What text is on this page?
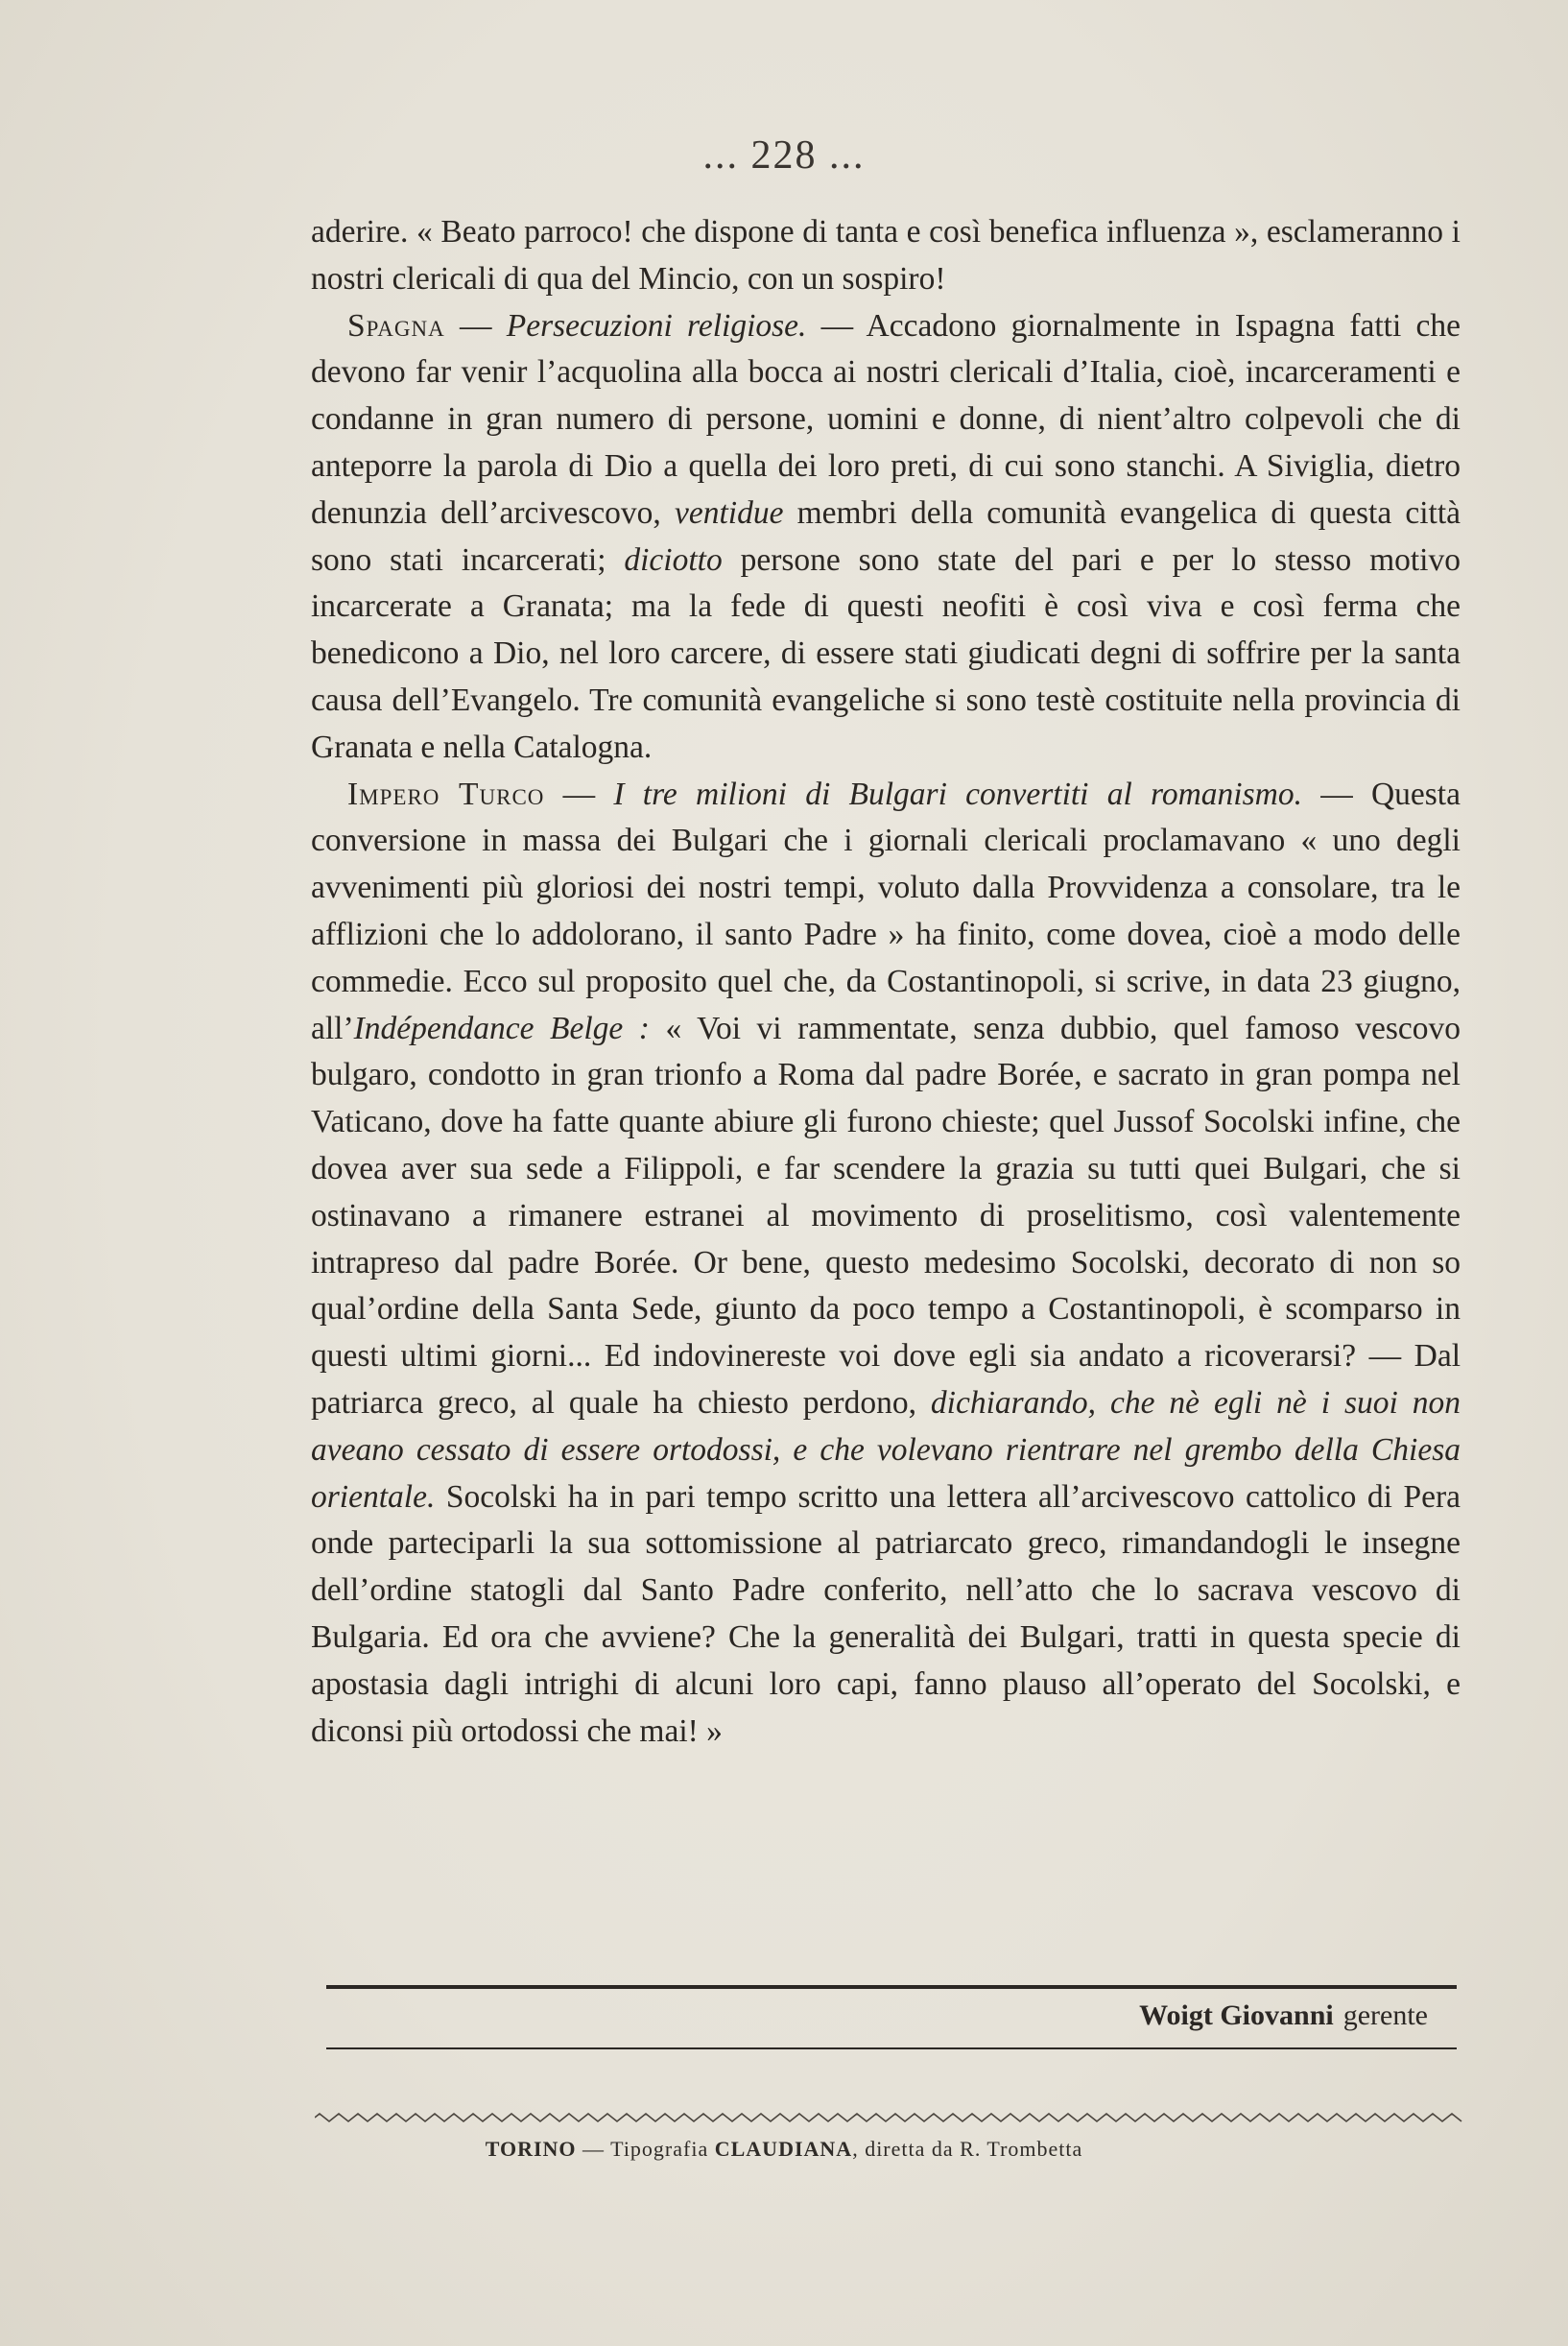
... 228 ...

aderire. « Beato parroco! che dispone di tanta e così benefica influenza », esclameranno i nostri clericali di qua del Mincio, con un sospiro!

Spagna — Persecuzioni religiose. — Accadono giornalmente in Ispagna fatti che devono far venir l’acquolina alla bocca ai nostri clericali d’Italia, cioè, incarceramenti e condanne in gran numero di persone, uomini e donne, di nient’altro colpevoli che di anteporre la parola di Dio a quella dei loro preti, di cui sono stanchi. A Siviglia, dietro denunzia dell’arcivescovo, ventidue membri della comunità evangelica di questa città sono stati incarcerati; diciotto persone sono state del pari e per lo stesso motivo incarcerate a Granata; ma la fede di questi neofiti è così viva e così ferma che benedicono a Dio, nel loro carcere, di essere stati giudicati degni di soffrire per la santa causa dell’Evangelo. Tre comunità evangeliche si sono testè costituite nella provincia di Granata e nella Catalogna.

Impero Turco — I tre milioni di Bulgari convertiti al romanismo. — Questa conversione in massa dei Bulgari che i giornali clericali proclamavano « uno degli avvenimenti più gloriosi dei nostri tempi, voluto dalla Provvidenza a consolare, tra le afflizioni che lo addolorano, il santo Padre » ha finito, come dovea, cioè a modo delle commedie. Ecco sul proposito quel che, da Costantinopoli, si scrive, in data 23 giugno, all’Indépendance Belge : « Voi vi rammentate, senza dubbio, quel famoso vescovo bulgaro, condotto in gran trionfo a Roma dal padre Borée, e sacrato in gran pompa nel Vaticano, dove ha fatte quante abiure gli furono chieste; quel Jussof Socolski infine, che dovea aver sua sede a Filippoli, e far scendere la grazia su tutti quei Bulgari, che si ostinavano a rimanere estranei al movimento di proselitismo, così valentemente intrapreso dal padre Borée. Or bene, questo medesimo Socolski, decorato di non so qual’ordine della Santa Sede, giunto da poco tempo a Costantinopoli, è scomparso in questi ultimi giorni... Ed indovinereste voi dove egli sia andato a ricoverarsi? — Dal patriarca greco, al quale ha chiesto perdono, dichiarando, che nè egli nè i suoi non aveano cessato di essere ortodossi, e che volevano rientrare nel grembo della Chiesa orientale. Socolski ha in pari tempo scritto una lettera all’arcivescovo cattolico di Pera onde parteciparli la sua sottomissione al patriarcato greco, rimandandogli le insegne dell’ordine statogli dal Santo Padre conferito, nell’atto che lo sacrava vescovo di Bulgaria. Ed ora che avviene? Che la generalità dei Bulgari, tratti in questa specie di apostasia dagli intrighi di alcuni loro capi, fanno plauso all’operato del Socolski, e diconsi più ortodossi che mai! »

Woigt Giovanni gerente
TORINO — Tipografia CLAUDIANA, diretta da R. Trombetta
